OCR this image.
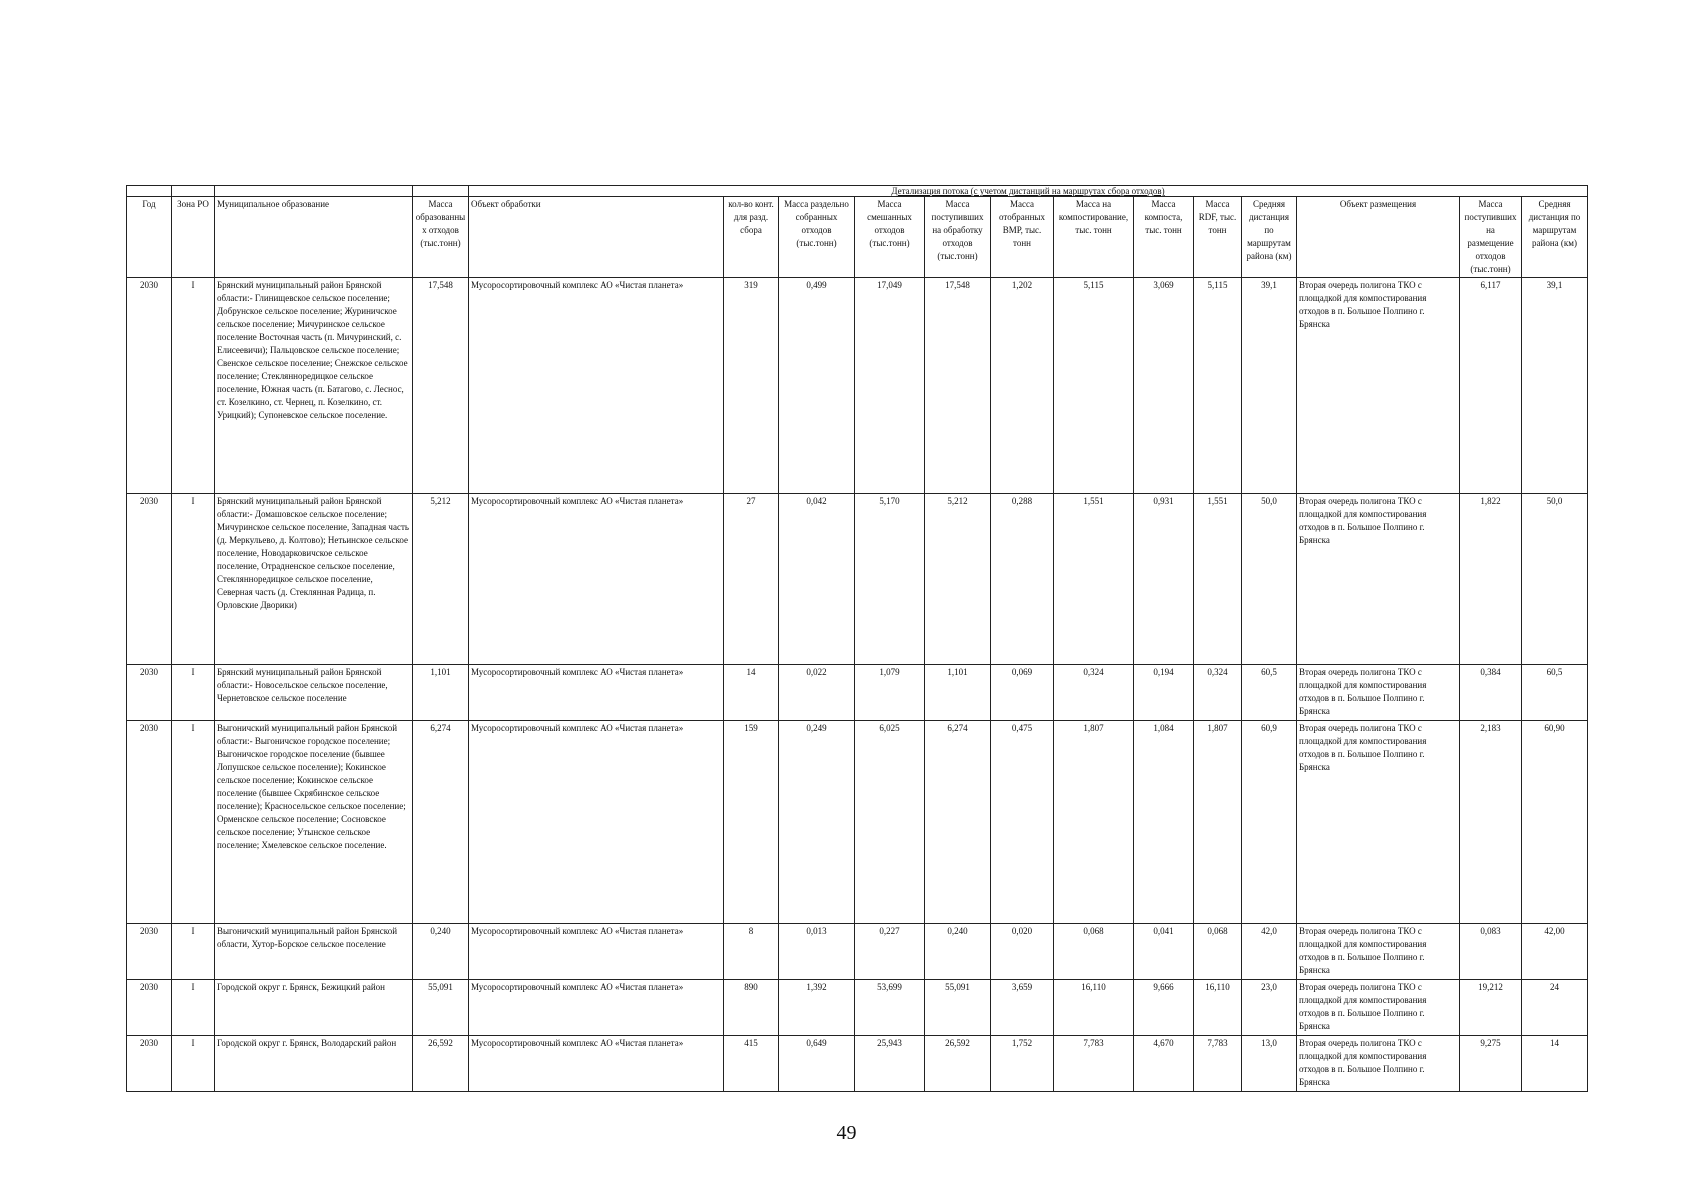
				Детализация потока (с учетом дистанций на маршрутах сбора отходов)												
Год	Зона РО	Муниципальное образование	Масса образованных отходов (тыс.тонн)	Объект обработки	кол-во конт. для разд. сбора	Масса раздельно собранных отходов (тыс.тонн)	Масса смешанных отходов (тыс.тонн)	Масса поступивших на обработку отходов (тыс.тонн)	Масса отобранных ВМР, тыс. тонн	Масса на компостирование, тыс. тонн	Масса компоста, тыс. тонн	Масса RDF, тыс. тонн	Средняя дистанция по маршрутам района (км)	Объект размещения	Масса поступивших на размещение отходов (тыс.тонн)	Средняя дистанция по маршрутам района (км)
2030	I	Брянский муниципальный район Брянской области:- Глинищевское сельское поселение; Добрунское сельское поселение; Журиничское сельское поселение; Мичуринское сельское поселение Восточная часть (п. Мичуринский, с. Елисеевичи); Пальцовское сельское поселение; Свенское сельское поселение; Снежское сельское поселение; Стеклянноредицкое сельское поселение, Южная часть (п. Батагово, с. Леснос, ст. Козелкино, ст. Чернец, п. Козелкино, ст. Урицкий); Супоневское сельское поселение.	17,548	Мусоросортировочный комплекс АО «Чистая планета»	319	0,499	17,049	17,548	1,202	5,115	3,069	5,115	39,1	Вторая очередь полигона ТКО с площадкой для компостирования отходов в п. Большое Полпино г. Брянска	6,117	39,1
2030	I	Брянский муниципальный район Брянской области:- Домашовское сельское поселение; Мичуринское сельское поселение, Западная часть (д. Меркульево, д. Колтово); Нетьинское сельское поселение, Новодарковичское сельское поселение, Отрадненское сельское поселение, Стеклянноредицкое сельское поселение, Северная часть (д. Стеклянная Радица, п. Орловские Дворики)	5,212	Мусоросортировочный комплекс АО «Чистая планета»	27	0,042	5,170	5,212	0,288	1,551	0,931	1,551	50,0	Вторая очередь полигона ТКО с площадкой для компостирования отходов в п. Большое Полпино г. Брянска	1,822	50,0
2030	I	Брянский муниципальный район Брянской области:- Новосельское сельское поселение, Чернетовское сельское поселение	1,101	Мусоросортировочный комплекс АО «Чистая планета»	14	0,022	1,079	1,101	0,069	0,324	0,194	0,324	60,5	Вторая очередь полигона ТКО с площадкой для компостирования отходов в п. Большое Полпино г. Брянска	0,384	60,5
2030	I	Выгоничский муниципальный район Брянской области:- Выгоничское городское поселение; Выгоничское городское поселение (бывшее Лопушское сельское поселение); Кокинское сельское поселение; Кокинское сельское поселение (бывшее Скрябинское сельское поселение); Красносельское сельское поселение; Орменское сельское поселение; Сосновское сельское поселение; Утынское сельское поселение; Хмелевское сельское поселение.	6,274	Мусоросортировочный комплекс АО «Чистая планета»	159	0,249	6,025	6,274	0,475	1,807	1,084	1,807	60,9	Вторая очередь полигона ТКО с площадкой для компостирования отходов в п. Большое Полпино г. Брянска	2,183	60,90
2030	I	Выгоничский муниципальный район Брянской области, Хутор-Борское сельское поселение	0,240	Мусоросортировочный комплекс АО «Чистая планета»	8	0,013	0,227	0,240	0,020	0,068	0,041	0,068	42,0	Вторая очередь полигона ТКО с площадкой для компостирования отходов в п. Большое Полпино г. Брянска	0,083	42,00
2030	I	Городской округ г. Брянск, Бежицкий район	55,091	Мусоросортировочный комплекс АО «Чистая планета»	890	1,392	53,699	55,091	3,659	16,110	9,666	16,110	23,0	Вторая очередь полигона ТКО с площадкой для компостирования отходов в п. Большое Полпино г. Брянска	19,212	24
2030	I	Городской округ г. Брянск, Володарский район	26,592	Мусоросортировочный комплекс АО «Чистая планета»	415	0,649	25,943	26,592	1,752	7,783	4,670	7,783	13,0	Вторая очередь полигона ТКО с площадкой для компостирования отходов в п. Большое Полпино г. Брянска	9,275	14
49
